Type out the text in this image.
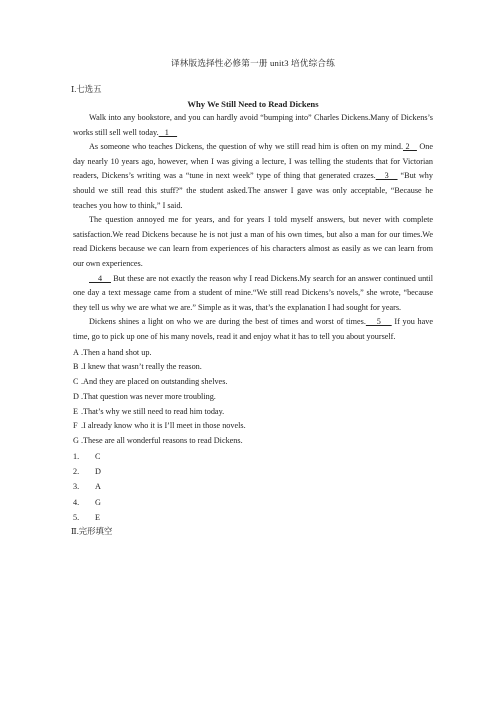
译林版选择性必修第一册 unit3 培优综合练
Ⅰ.七选五
Why We Still Need to Read Dickens

Walk into any bookstore, and you can hardly avoid “bumping into” Charles Dickens.Many of Dickens’s works still sell well today.   1

As someone who teaches Dickens, the question of why we still read him is often on my mind. 2    One day nearly 10 years ago, however, when I was giving a lecture, I was telling the students that for Victorian readers, Dickens’s writing was a “tune in next week” type of thing that generated crazes.   3    “But why should we still read this stuff?” the student asked.The answer I gave was only acceptable, “Because he teaches you how to think,” I said.

The question annoyed me for years, and for years I told myself answers, but never with complete satisfaction.We read Dickens because he is not just a man of his own times, but also a man for our times.We read Dickens because we can learn from experiences of his characters almost as easily as we can learn from our own experiences.

4     But these are not exactly the reason why I read Dickens.My search for an answer continued until one day a text message came from a student of mine.“We still read Dickens’s novels,” she wrote, “because they tell us why we are what we are.” Simple as it was, that’s the explanation I had sought for years.

Dickens shines a light on who we are during the best of times and worst of times.    5     If you have time, go to pick up one of his many novels, read it and enjoy what it has to tell you about yourself.

A .Then a hand shot up.

B .I knew that wasn’t really the reason.

C .And they are placed on outstanding shelves.

D .That question was never more troubling.

E .That’s why we still need to read him today.

F .I already know who it is I’ll meet in those novels.

G .These are all wonderful reasons to read Dickens.

1. C

2. D

3. A

4. G

5. E

Ⅱ.完形填空
